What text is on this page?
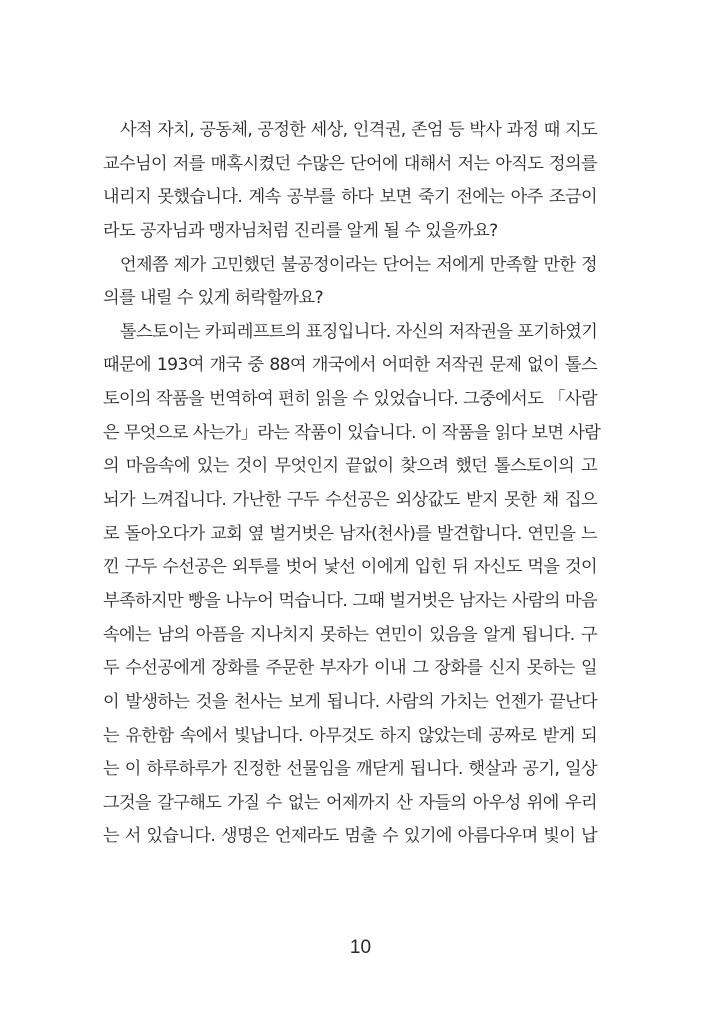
사적 자치, 공동체, 공정한 세상, 인격권, 존엄 등 박사 과정 때 지도
교수님이 저를 매혹시켰던 수많은 단어에 대해서 저는 아직도 정의를
내리지 못했습니다. 계속 공부를 하다 보면 죽기 전에는 아주 조금이
라도 공자님과 맹자님처럼 진리를 알게 될 수 있을까요?
언제쯤 제가 고민했던 불공정이라는 단어는 저에게 만족할 만한 정
의를 내릴 수 있게 허락할까요?
톨스토이는 카피레프트의 표징입니다. 자신의 저작권을 포기하였기
때문에 193여 개국 중 88여 개국에서 어떠한 저작권 문제 없이 톨스
토이의 작품을 번역하여 편히 읽을 수 있었습니다. 그중에서도 「사람
은 무엇으로 사는가」라는 작품이 있습니다. 이 작품을 읽다 보면 사람
의 마음속에 있는 것이 무엇인지 끝없이 찾으려 했던 톨스토이의 고
뇌가 느껴집니다. 가난한 구두 수선공은 외상값도 받지 못한 채 집으
로 돌아오다가 교회 옆 벌거벗은 남자(천사)를 발견합니다. 연민을 느
낀 구두 수선공은 외투를 벗어 낯선 이에게 입힌 뒤 자신도 먹을 것이
부족하지만 빵을 나누어 먹습니다. 그때 벌거벗은 남자는 사람의 마음
속에는 남의 아픔을 지나치지 못하는 연민이 있음을 알게 됩니다. 구
두 수선공에게 장화를 주문한 부자가 이내 그 장화를 신지 못하는 일
이 발생하는 것을 천사는 보게 됩니다. 사람의 가치는 언젠가 끝난다
는 유한함 속에서 빛납니다. 아무것도 하지 않았는데 공짜로 받게 되
는 이 하루하루가 진정한 선물임을 깨닫게 됩니다. 햇살과 공기, 일상
그것을 갈구해도 가질 수 없는 어제까지 산 자들의 아우성 위에 우리
는 서 있습니다. 생명은 언제라도 멈출 수 있기에 아름다우며 빛이 납
10
